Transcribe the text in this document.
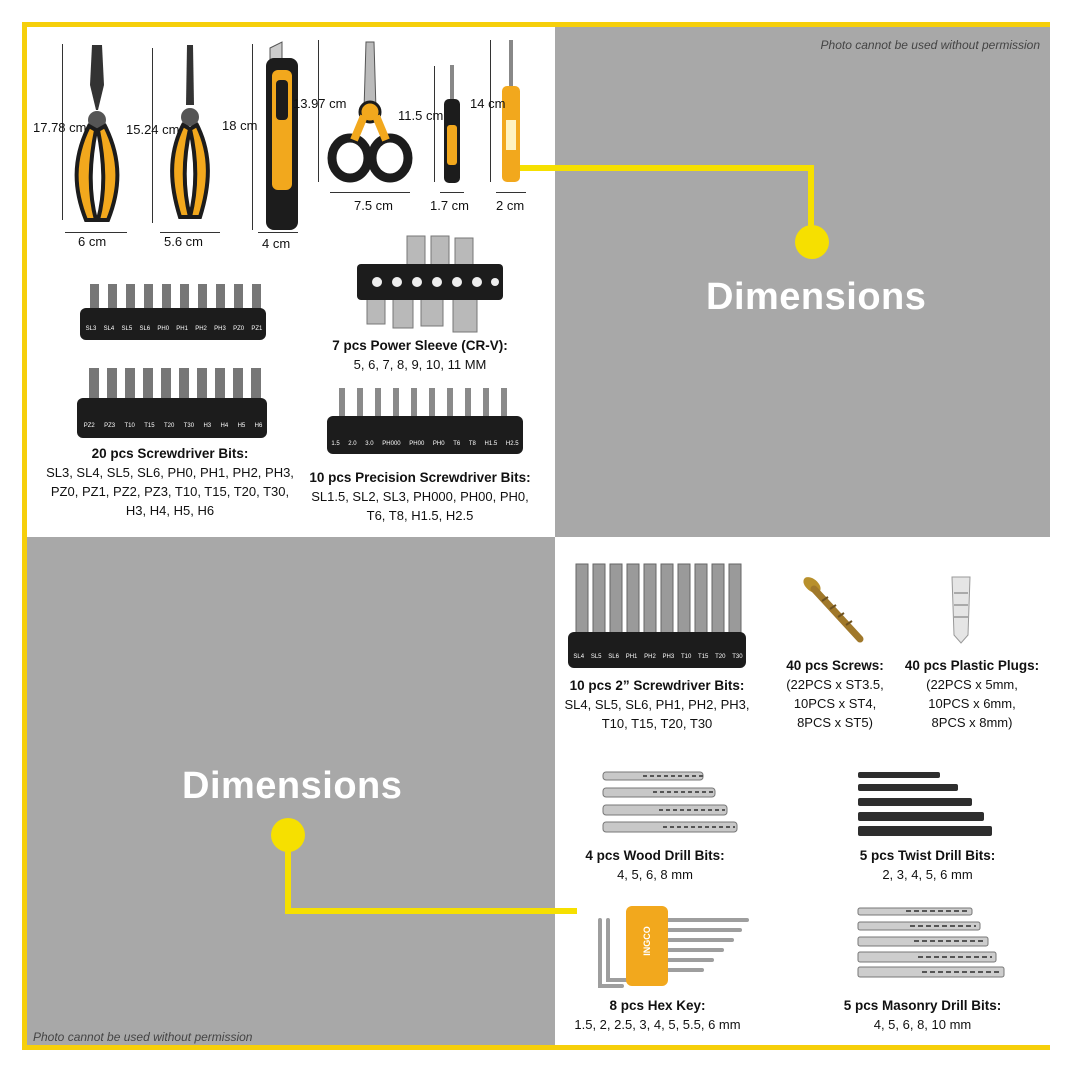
Photo cannot be used without permission
Photo cannot be used without permission
Dimensions
Dimensions
17.78 cm
6 cm
15.24 cm
5.6 cm
18 cm
4 cm
13.97 cm
7.5 cm
11.5 cm
1.7 cm
14 cm
2 cm
SL3 SL4 SL5 SL6 PH0 PH1 PH2 PH3 PZ0 PZ1
PZ2 PZ3 T10 T15 T20 T30 H3 H4 H5 H6
20 pcs Screwdriver Bits:
SL3, SL4, SL5, SL6, PH0, PH1, PH2, PH3,
PZ0, PZ1, PZ2, PZ3, T10, T15, T20, T30,
H3, H4, H5, H6
7 pcs Power Sleeve (CR-V):
5, 6, 7, 8, 9, 10, 11 MM
1.5 2.0 3.0 PH000 PH00 PH0 T6 T8 H1.5 H2.5
10 pcs Precision Screwdriver Bits:
SL1.5, SL2, SL3, PH000, PH00, PH0,
T6, T8, H1.5, H2.5
SL4 SL5 SL6 PH1 PH2 PH3 T10 T15 T20 T30
10 pcs 2” Screwdriver Bits:
SL4, SL5, SL6, PH1, PH2, PH3,
T10, T15, T20, T30
40 pcs Screws:
(22PCS x ST3.5,
10PCS x ST4,
8PCS x ST5)
40 pcs Plastic Plugs:
(22PCS x 5mm,
10PCS x 6mm,
8PCS x 8mm)
4 pcs Wood Drill Bits:
4, 5, 6, 8 mm
5 pcs Twist Drill Bits:
2, 3, 4, 5, 6 mm
INGCO
8 pcs Hex Key:
1.5, 2, 2.5, 3, 4, 5, 5.5, 6 mm
5 pcs Masonry Drill Bits:
4, 5, 6, 8, 10 mm
